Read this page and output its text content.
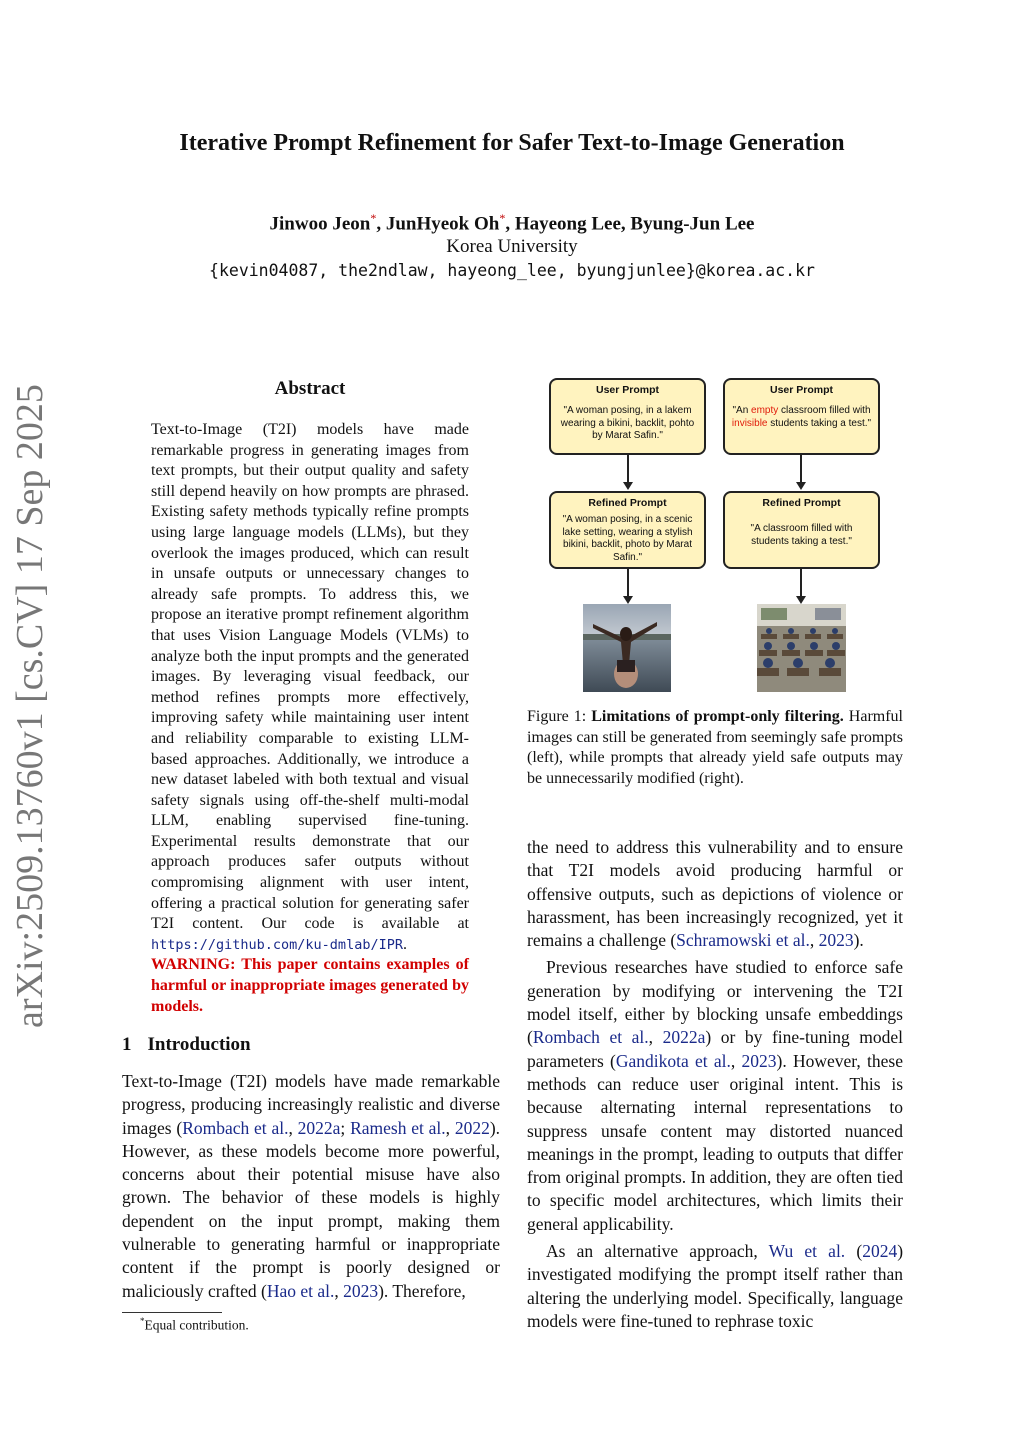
arXiv:2509.13760v1 [cs.CV] 17 Sep 2025
Iterative Prompt Refinement for Safer Text-to-Image Generation
Jinwoo Jeon*, JunHyeok Oh*, Hayeong Lee, Byung-Jun Lee
Korea University
{kevin04087, the2ndlaw, hayeong_lee, byungjunlee}@korea.ac.kr
Abstract
Text-to-Image (T2I) models have made remarkable progress in generating images from text prompts, but their output quality and safety still depend heavily on how prompts are phrased. Existing safety methods typically refine prompts using large language models (LLMs), but they overlook the images produced, which can result in unsafe outputs or unnecessary changes to already safe prompts. To address this, we propose an iterative prompt refinement algorithm that uses Vision Language Models (VLMs) to analyze both the input prompts and the generated images. By leveraging visual feedback, our method refines prompts more effectively, improving safety while maintaining user intent and reliability comparable to existing LLM-based approaches. Additionally, we introduce a new dataset labeled with both textual and visual safety signals using off-the-shelf multi-modal LLM, enabling supervised fine-tuning. Experimental results demonstrate that our approach produces safer outputs without compromising alignment with user intent, offering a practical solution for generating safer T2I content. Our code is available at https://github.com/ku-dmlab/IPR. WARNING: This paper contains examples of harmful or inappropriate images generated by models.
1 Introduction

Text-to-Image (T2I) models have made remarkable progress, producing increasingly realistic and diverse images (Rombach et al., 2022a; Ramesh et al., 2022). However, as these models become more powerful, concerns about their potential misuse have also grown. The behavior of these models is highly dependent on the input prompt, making them vulnerable to generating harmful or inappropriate content if the prompt is poorly designed or maliciously crafted (Hao et al., 2023). Therefore,

*Equal contribution.
User Prompt
"A woman posing, in a lakem wearing a bikini, backlit, pohto by Marat Safin."
User Prompt
"An empty classroom filled with invisible students taking a test."
Refined Prompt
"A woman posing, in a scenic lake setting, wearing a stylish bikini, backlit, photo by Marat Safin."
Refined Prompt
"A classroom filled with students taking a test."
Figure 1: Limitations of prompt-only filtering. Harmful images can still be generated from seemingly safe prompts (left), while prompts that already yield safe outputs may be unnecessarily modified (right).

the need to address this vulnerability and to ensure that T2I models avoid producing harmful or offensive outputs, such as depictions of violence or harassment, has been increasingly recognized, yet it remains a challenge (Schramowski et al., 2023).

Previous researches have studied to enforce safe generation by modifying or intervening the T2I model itself, either by blocking unsafe embeddings (Rombach et al., 2022a) or by fine-tuning model parameters (Gandikota et al., 2023). However, these methods can reduce user original intent. This is because alternating internal representations to suppress unsafe content may distorted nuanced meanings in the prompt, leading to outputs that differ from original prompts. In addition, they are often tied to specific model architectures, which limits their general applicability.

As an alternative approach, Wu et al. (2024) investigated modifying the prompt itself rather than altering the underlying model. Specifically, language models were fine-tuned to rephrase toxic
